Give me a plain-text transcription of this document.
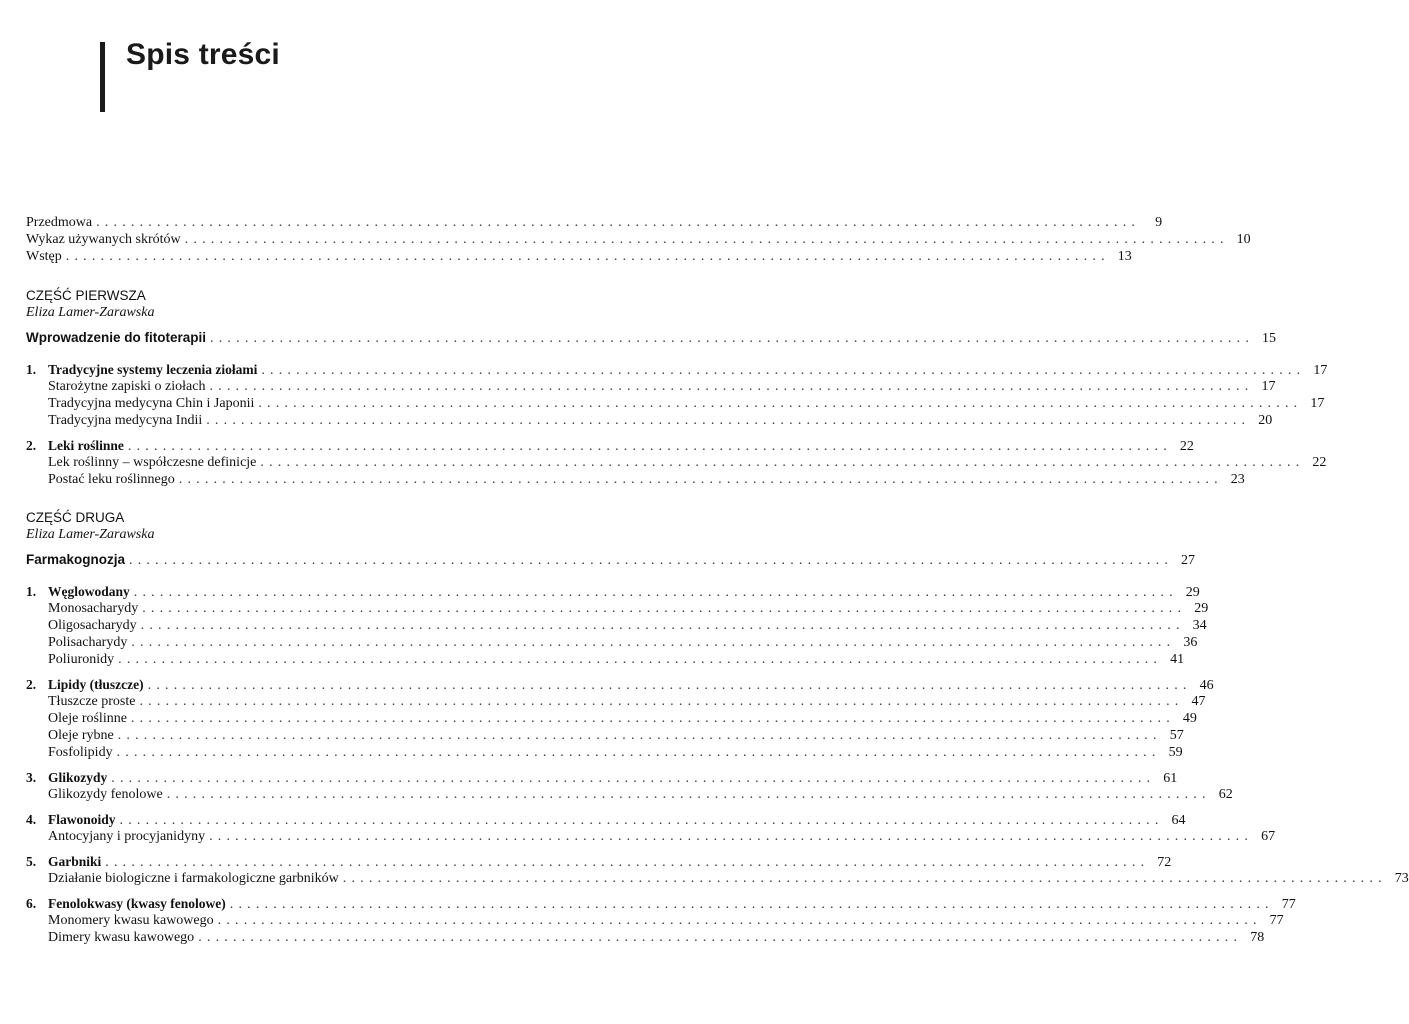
Spis treści
Przedmowa ........................................................................................................................	9
Wykaz używanych skrótów ........................................................................................................................ 10
Wstęp ........................................................................................................................ 13
CZĘŚĆ PIERWSZA
Eliza Lamer-Zarawska
Wprowadzenie do fitoterapii ........................................................................................................................ 15
1. Tradycyjne systemy leczenia ziołami ........................................................................................................................ 17
Starożytne zapiski o ziołach ........................................................................................................................ 17
Tradycyjna medycyna Chin i Japonii ........................................................................................................................ 17
Tradycyjna medycyna Indii ........................................................................................................................ 20
2. Leki roślinne ........................................................................................................................ 22
Lek roślinny – współczesne definicje ........................................................................................................................ 22
Postać leku roślinnego ........................................................................................................................ 23
CZĘŚĆ DRUGA
Eliza Lamer-Zarawska
Farmakognozja ........................................................................................................................ 27
1. Węglowodany ........................................................................................................................ 29
Monosacharydy ........................................................................................................................ 29
Oligosacharydy ........................................................................................................................ 34
Polisacharydy ........................................................................................................................ 36
Poliuronidy ........................................................................................................................ 41
2. Lipidy (tłuszcze) ........................................................................................................................ 46
Tłuszcze proste ........................................................................................................................ 47
Oleje roślinne ........................................................................................................................ 49
Oleje rybne ........................................................................................................................ 57
Fosfolipidy ........................................................................................................................ 59
3. Glikozydy ........................................................................................................................ 61
Glikozydy fenolowe ........................................................................................................................ 62
4. Flawonoidy ........................................................................................................................ 64
Antocyjany i procyjanidyny ........................................................................................................................ 67
5. Garbniki ........................................................................................................................ 72
Działanie biologiczne i farmakologiczne garbników ........................................................................................................................ 73
6. Fenolokwasy (kwasy fenolowe) ........................................................................................................................ 77
Monomery kwasu kawowego ........................................................................................................................ 77
Dimery kwasu kawowego ........................................................................................................................ 78
